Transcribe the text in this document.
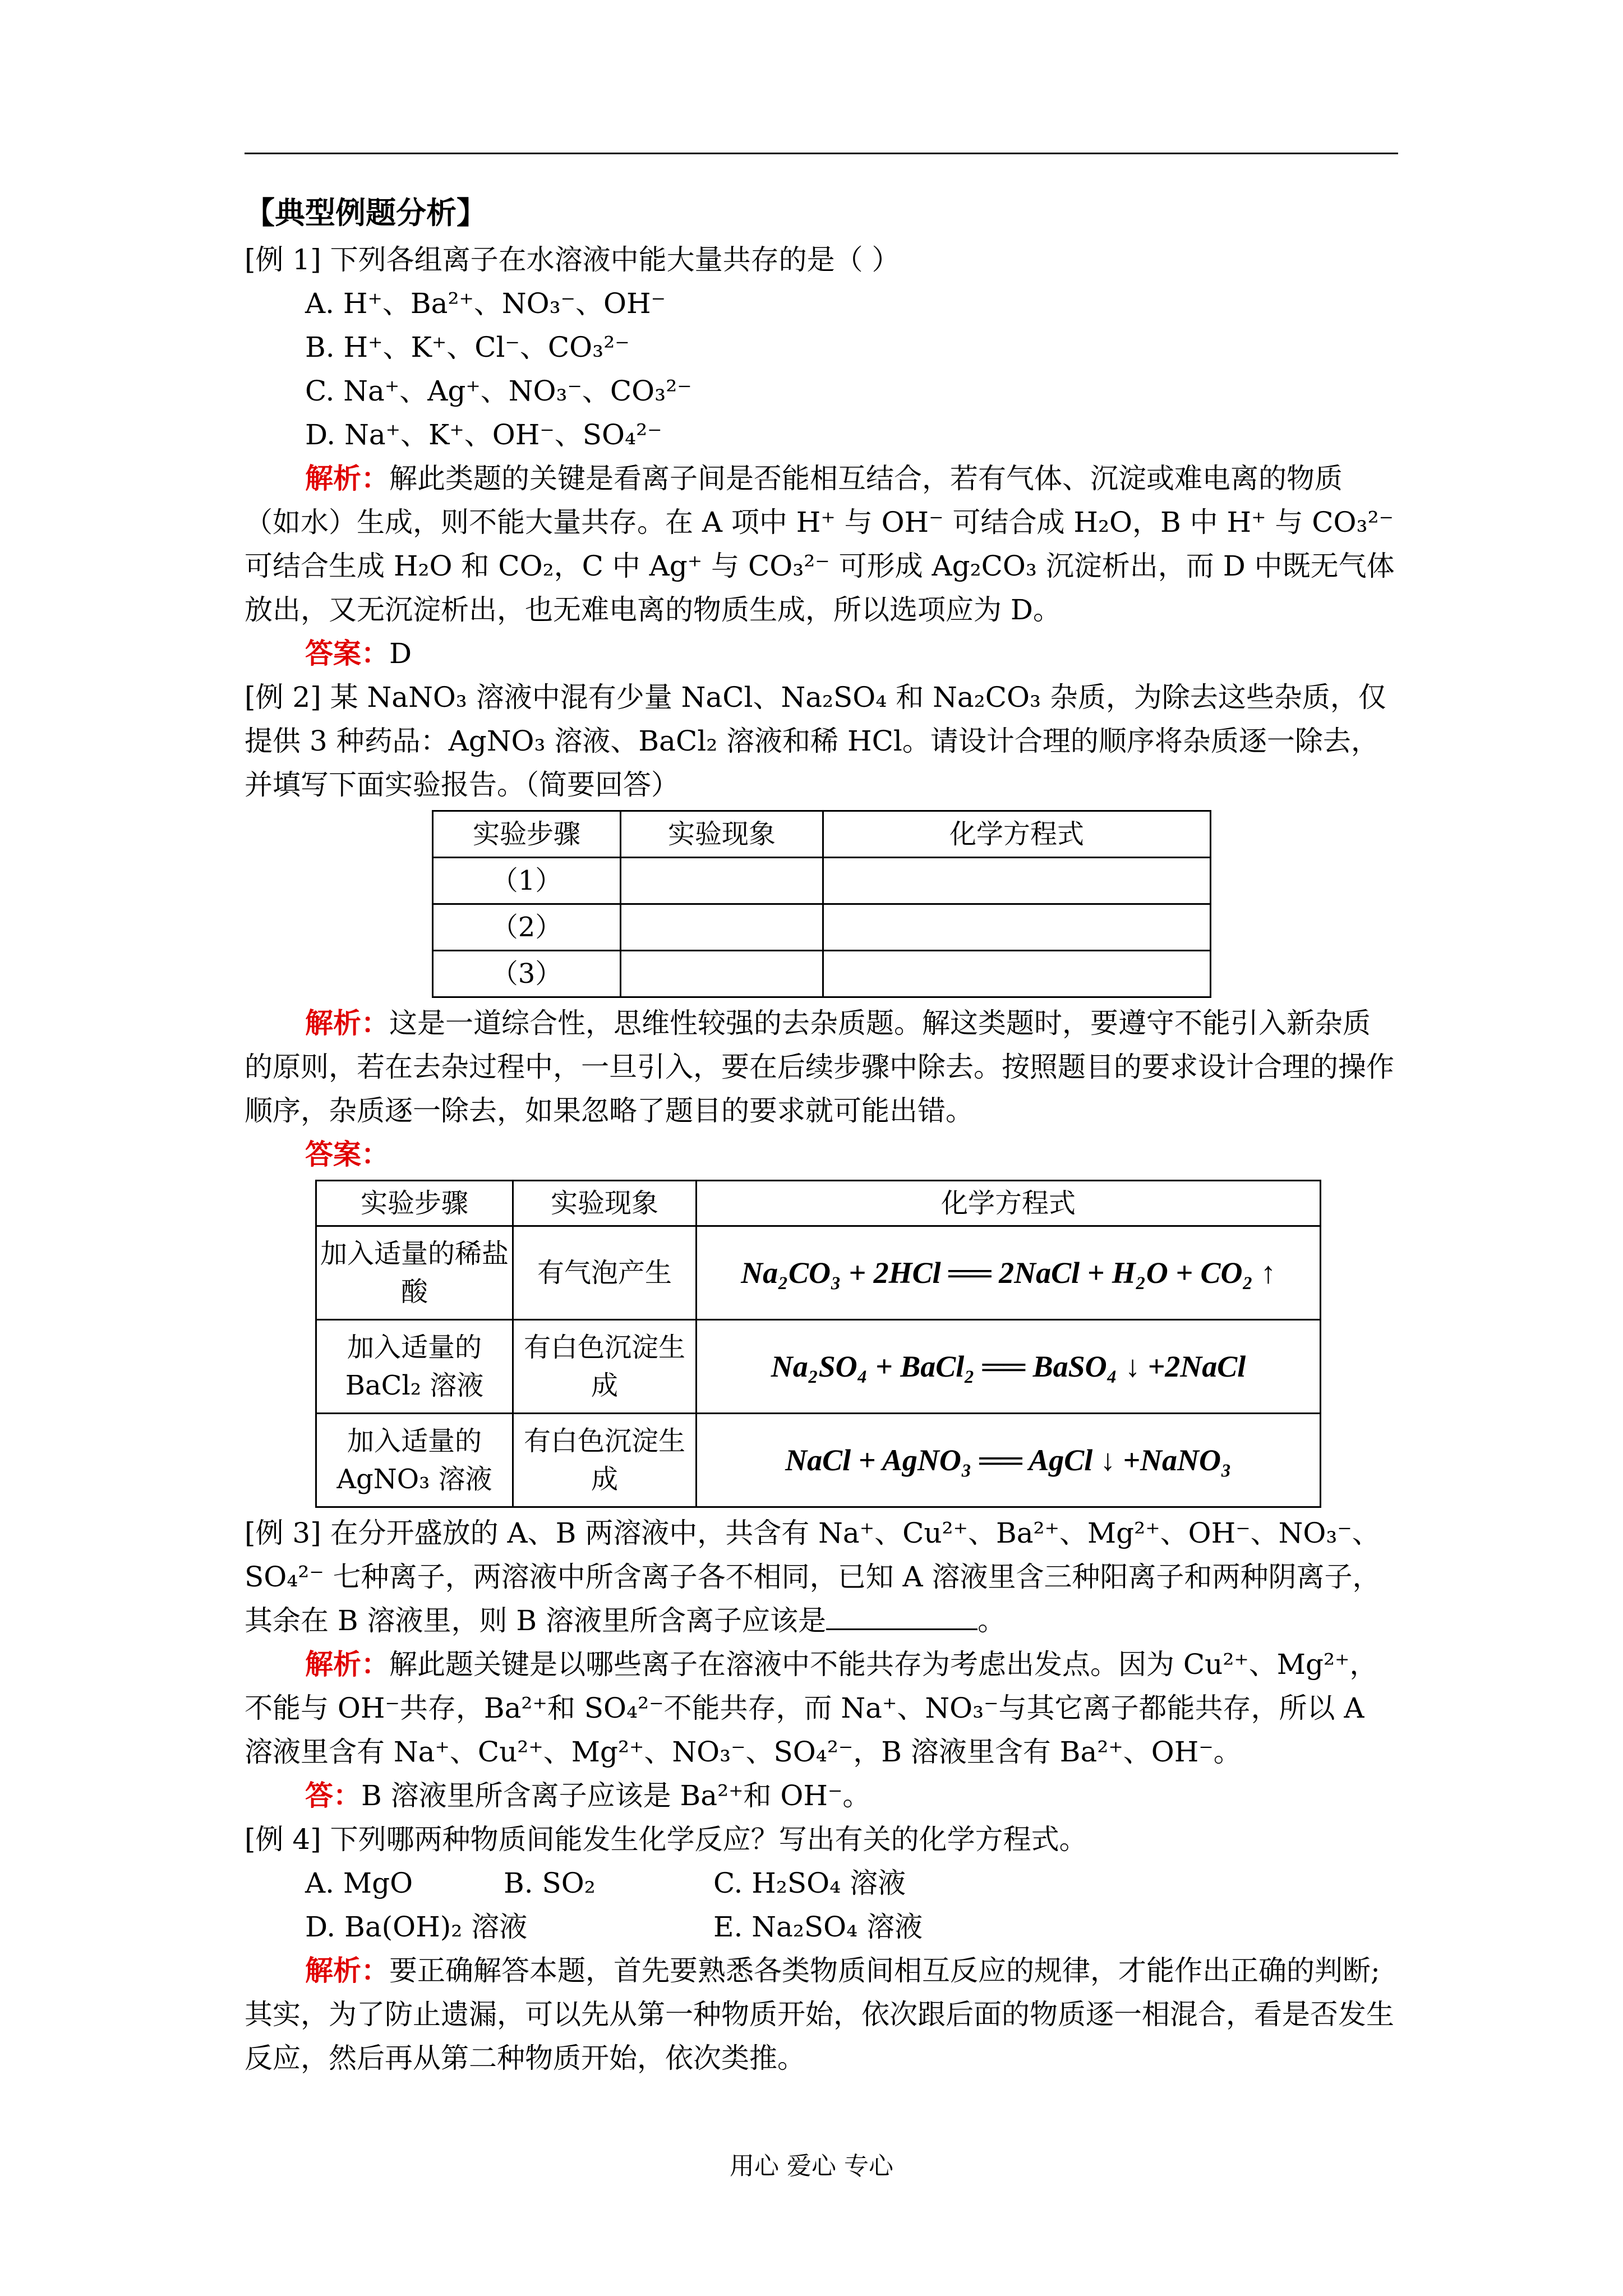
【典型例题分析】

[例 1] 下列各组离子在水溶液中能大量共存的是（ ）

A. H⁺、Ba²⁺、NO₃⁻、OH⁻

B. H⁺、K⁺、Cl⁻、CO₃²⁻

C. Na⁺、Ag⁺、NO₃⁻、CO₃²⁻

D. Na⁺、K⁺、OH⁻、SO₄²⁻

解析：解此类题的关键是看离子间是否能相互结合，若有气体、沉淀或难电离的物质（如水）生成，则不能大量共存。在 A 项中 H⁺ 与 OH⁻ 可结合成 H₂O，B 中 H⁺ 与 CO₃²⁻ 可结合生成 H₂O 和 CO₂，C 中 Ag⁺ 与 CO₃²⁻ 可形成 Ag₂CO₃ 沉淀析出，而 D 中既无气体放出，又无沉淀析出，也无难电离的物质生成，所以选项应为 D。

答案：D

[例 2] 某 NaNO₃ 溶液中混有少量 NaCl、Na₂SO₄ 和 Na₂CO₃ 杂质，为除去这些杂质，仅提供 3 种药品：AgNO₃ 溶液、BaCl₂ 溶液和稀 HCl。请设计合理的顺序将杂质逐一除去，并填写下面实验报告。（简要回答）

实验步骤	实验现象	化学方程式
（1）		
（2）		
（3）		

解析：这是一道综合性，思维性较强的去杂质题。解这类题时，要遵守不能引入新杂质的原则，若在去杂过程中，一旦引入，要在后续步骤中除去。按照题目的要求设计合理的操作顺序，杂质逐一除去，如果忽略了题目的要求就可能出错。

答案：

实验步骤	实验现象	化学方程式
加入适量的稀盐酸	有气泡产生	Na₂CO₃ + 2HCl ══ 2NaCl + H₂O + CO₂ ↑
加入适量的 BaCl₂ 溶液	有白色沉淀生成	Na₂SO₄ + BaCl₂ ══ BaSO₄ ↓ +2NaCl
加入适量的 AgNO₃ 溶液	有白色沉淀生成	NaCl + AgNO₃ ══ AgCl ↓ +NaNO₃

[例 3] 在分开盛放的 A、B 两溶液中，共含有 Na⁺、Cu²⁺、Ba²⁺、Mg²⁺、OH⁻、NO₃⁻、SO₄²⁻ 七种离子，两溶液中所含离子各不相同，已知 A 溶液里含三种阳离子和两种阴离子，其余在 B 溶液里，则 B 溶液里所含离子应该是	。

解析：解此题关键是以哪些离子在溶液中不能共存为考虑出发点。因为 Cu²⁺、Mg²⁺，不能与 OH⁻共存，Ba²⁺和 SO₄²⁻不能共存，而 Na⁺、NO₃⁻与其它离子都能共存，所以 A 溶液里含有 Na⁺、Cu²⁺、Mg²⁺、NO₃⁻、SO₄²⁻，B 溶液里含有 Ba²⁺、OH⁻。

答：B 溶液里所含离子应该是 Ba²⁺和 OH⁻。

[例 4] 下列哪两种物质间能发生化学反应？写出有关的化学方程式。

A. MgO	B. SO₂	C. H₂SO₄ 溶液
D. Ba(OH)₂ 溶液	E. Na₂SO₄ 溶液

解析：要正确解答本题，首先要熟悉各类物质间相互反应的规律，才能作出正确的判断; 其实，为了防止遗漏，可以先从第一种物质开始，依次跟后面的物质逐一相混合，看是否发生反应，然后再从第二种物质开始，依次类推。

用心 爱心 专心
